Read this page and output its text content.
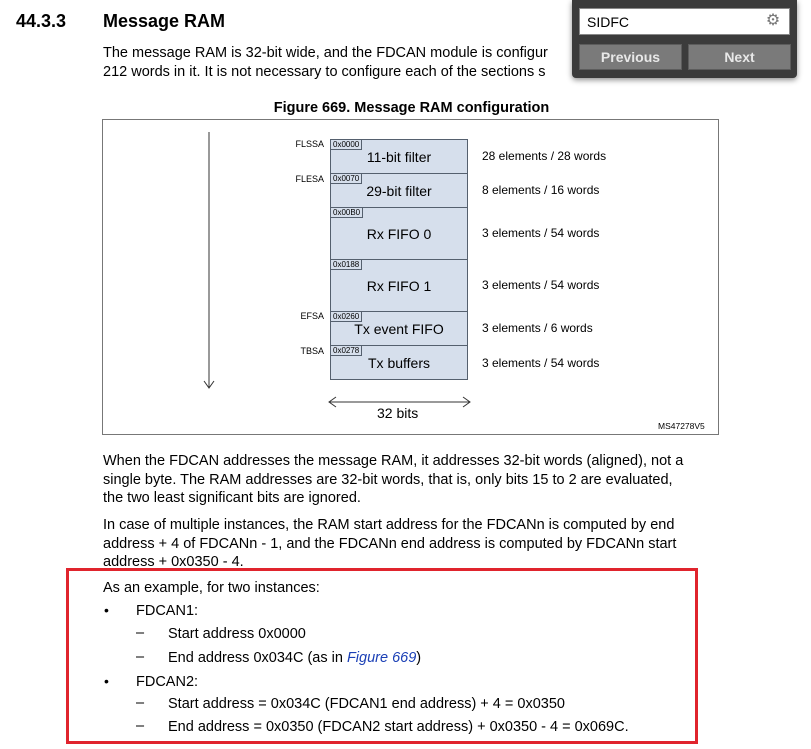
44.3.3 Message RAM
The message RAM is 32-bit wide, and the FDCAN module is configur
212 words in it. It is not necessary to configure each of the sections s
Figure 669. Message RAM configuration
0x0000
11-bit filter
0x0070
29-bit filter
0x00B0
Rx FIFO 0
0x0188
Rx FIFO 1
0x0260
Tx event FIFO
0x0278
Tx buffers
FLSSA
FLESA
EFSA
TBSA
28 elements / 28 words
8 elements / 16 words
3 elements / 54 words
3 elements / 54 words
3 elements / 6 words
3 elements / 54 words
32 bits
MS47278V5
When the FDCAN addresses the message RAM, it addresses 32-bit words (aligned), not a
single byte. The RAM addresses are 32-bit words, that is, only bits 15 to 2 are evaluated,
the two least significant bits are ignored.
In case of multiple instances, the RAM start address for the FDCANn is computed by end
address + 4 of FDCANn - 1, and the FDCANn end address is computed by FDCANn start
address + 0x0350 - 4.
As an example, for two instances:
• FDCAN1:
– Start address 0x0000
– End address 0x034C (as in Figure 669)
• FDCAN2:
– Start address = 0x034C (FDCAN1 end address) + 4 = 0x0350
– End address = 0x0350 (FDCAN2 start address) + 0x0350 - 4 = 0x069C.
SIDFC
⚙
Previous	Next
